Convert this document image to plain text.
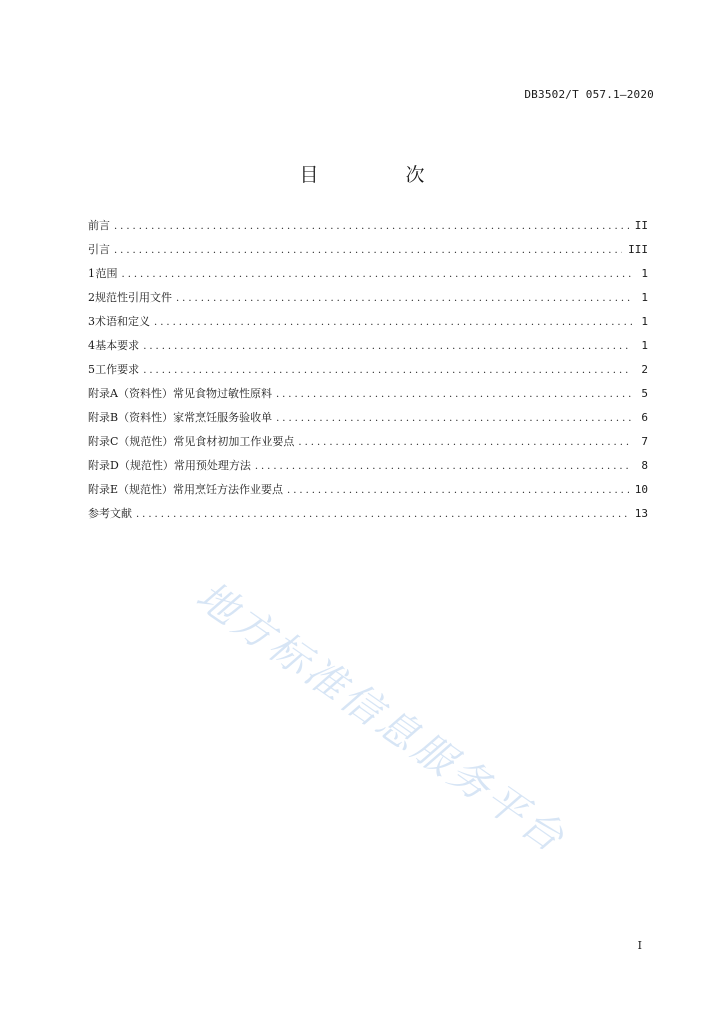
DB3502/T 057.1—2020
目　次
前言 .....	II
引言 .....	III
1 范围 .....	1
2 规范性引用文件 .....	1
3 术语和定义 .....	1
4 基本要求 .....	1
5 工作要求 .....	2
附录A （资料性） 常见食物过敏性原料 .....	5
附录B （资料性） 家常烹饪服务验收单 .....	6
附录C （规范性） 常见食材初加工作业要点 .....	7
附录D （规范性） 常用预处理方法 .....	8
附录E （规范性） 常用烹饪方法作业要点 .....	10
参考文献 .....	13
地方标准信息服务平台
I
